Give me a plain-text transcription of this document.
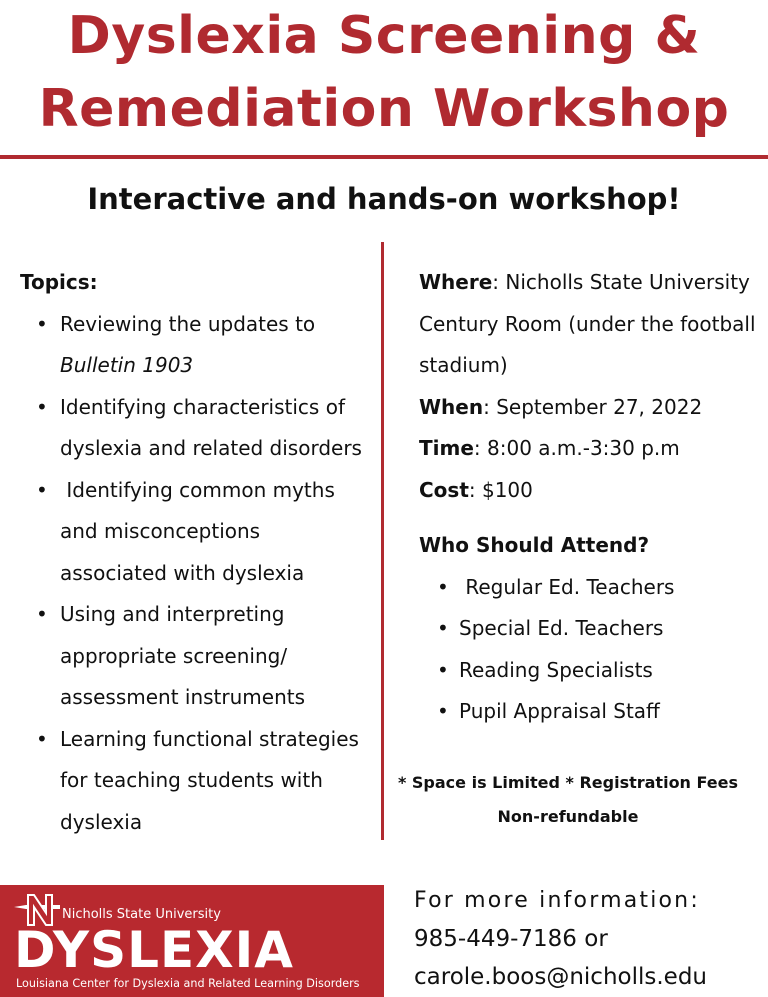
Dyslexia Screening &
Remediation Workshop
Interactive and hands-on workshop!
Topics:
• Reviewing the updates to
Bulletin 1903
• Identifying characteristics of
dyslexia and related disorders
•  Identifying common myths
and misconceptions
associated with dyslexia
• Using and interpreting
appropriate screening/
assessment instruments
• Learning functional strategies
for teaching students with
dyslexia
Where: Nicholls State University
Century Room (under the football
stadium)
When: September 27, 2022
Time: 8:00 a.m.-3:30 p.m
Cost: $100
Who Should Attend?
•  Regular Ed. Teachers
• Special Ed. Teachers
• Reading Specialists
• Pupil Appraisal Staff
* Space is Limited * Registration Fees
Non-refundable
Nicholls State University
DYSLEXIA
Louisiana Center for Dyslexia and Related Learning Disorders
For more information:
985-449-7186 or
carole.boos@nicholls.edu
